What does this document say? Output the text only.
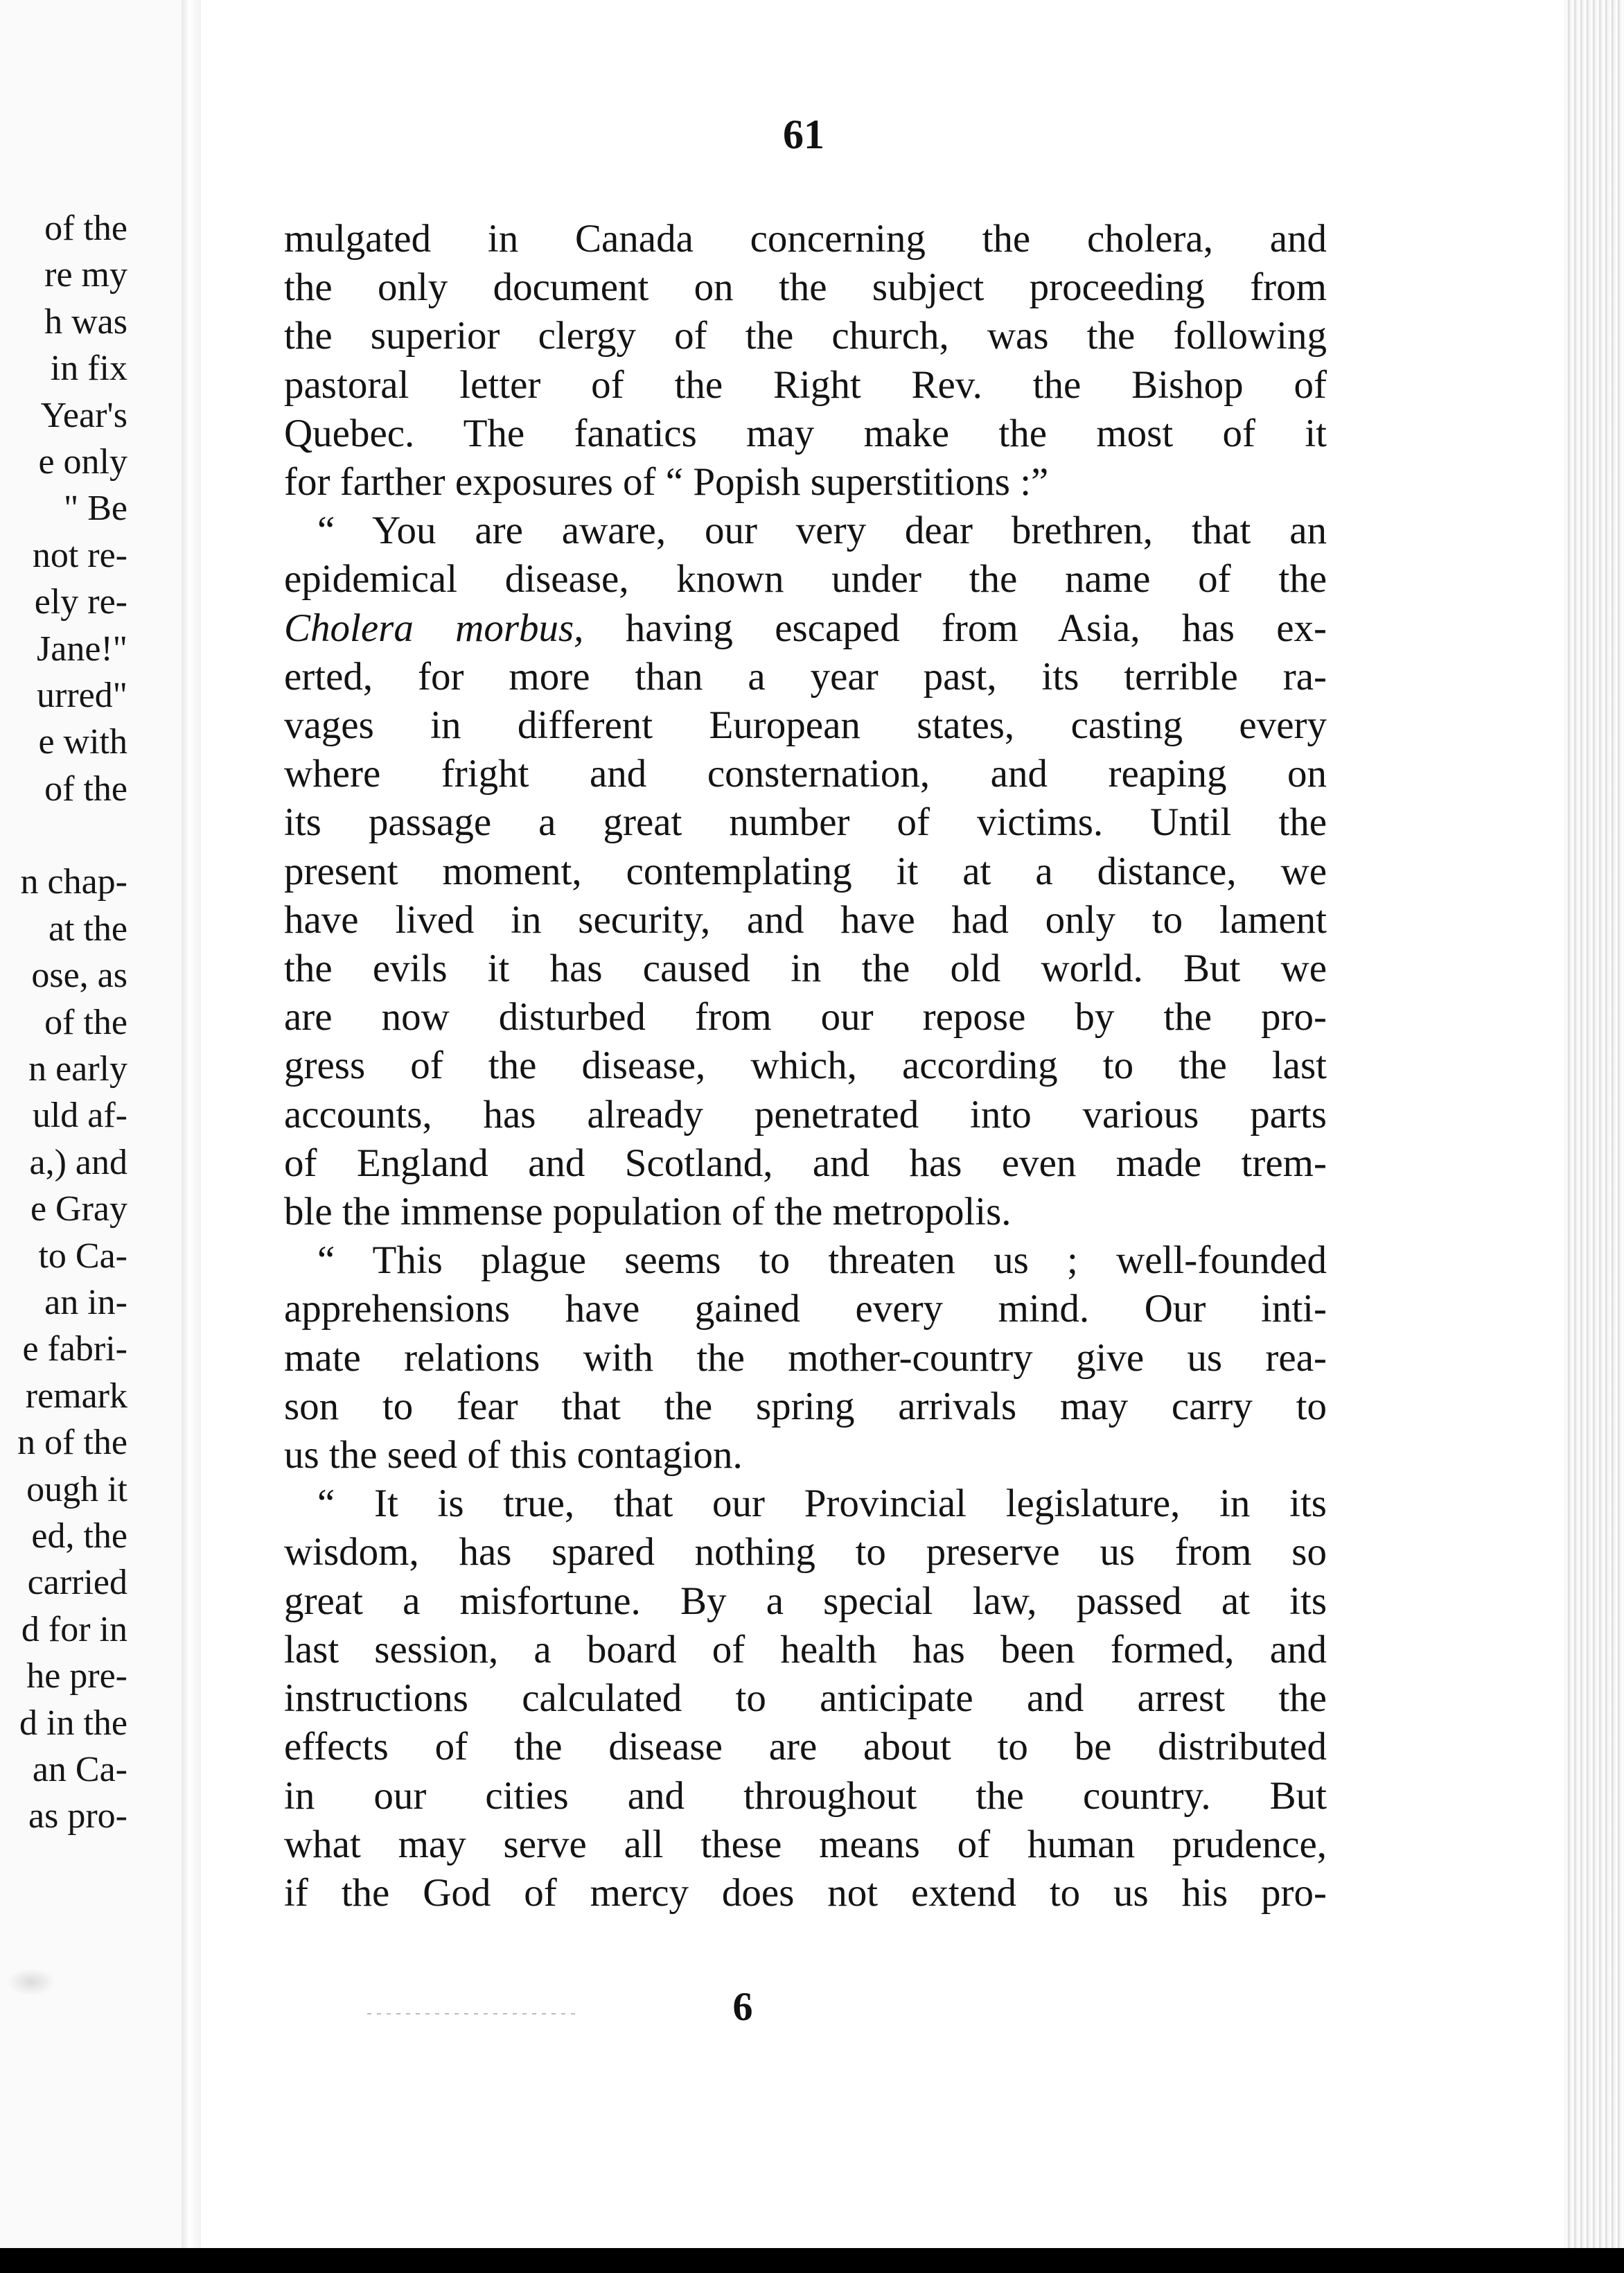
of the
re my
h was
in fix
Year's
e only
" Be
not re-
ely re-
Jane!"
urred"
e with
of the
n chap-
at the
ose, as
of the
n early
uld af-
a,) and
e Gray
to Ca-
an in-
e fabri-
remark
n of the
ough it
ed, the
carried
d for in
he pre-
d in the
an Ca-
as pro-
61
mulgated in Canada concerning the cholera, and
the only document on the subject proceeding from
the superior clergy of the church, was the following
pastoral letter of the Right Rev. the Bishop of
Quebec. The fanatics may make the most of it
for farther exposures of “ Popish superstitions :”
“ You are aware, our very dear brethren, that an
epidemical disease, known under the name of the
Cholera morbus, having escaped from Asia, has ex-
erted, for more than a year past, its terrible ra-
vages in different European states, casting every
where fright and consternation, and reaping on
its passage a great number of victims. Until the
present moment, contemplating it at a distance, we
have lived in security, and have had only to lament
the evils it has caused in the old world. But we
are now disturbed from our repose by the pro-
gress of the disease, which, according to the last
accounts, has already penetrated into various parts
of England and Scotland, and has even made trem-
ble the immense population of the metropolis.
“ This plague seems to threaten us ; well-founded
apprehensions have gained every mind. Our inti-
mate relations with the mother-country give us rea-
son to fear that the spring arrivals may carry to
us the seed of this contagion.
“ It is true, that our Provincial legislature, in its
wisdom, has spared nothing to preserve us from so
great a misfortune. By a special law, passed at its
last session, a board of health has been formed, and
instructions calculated to anticipate and arrest the
effects of the disease are about to be distributed
in our cities and throughout the country. But
what may serve all these means of human prudence,
if the God of mercy does not extend to us his pro-
6
